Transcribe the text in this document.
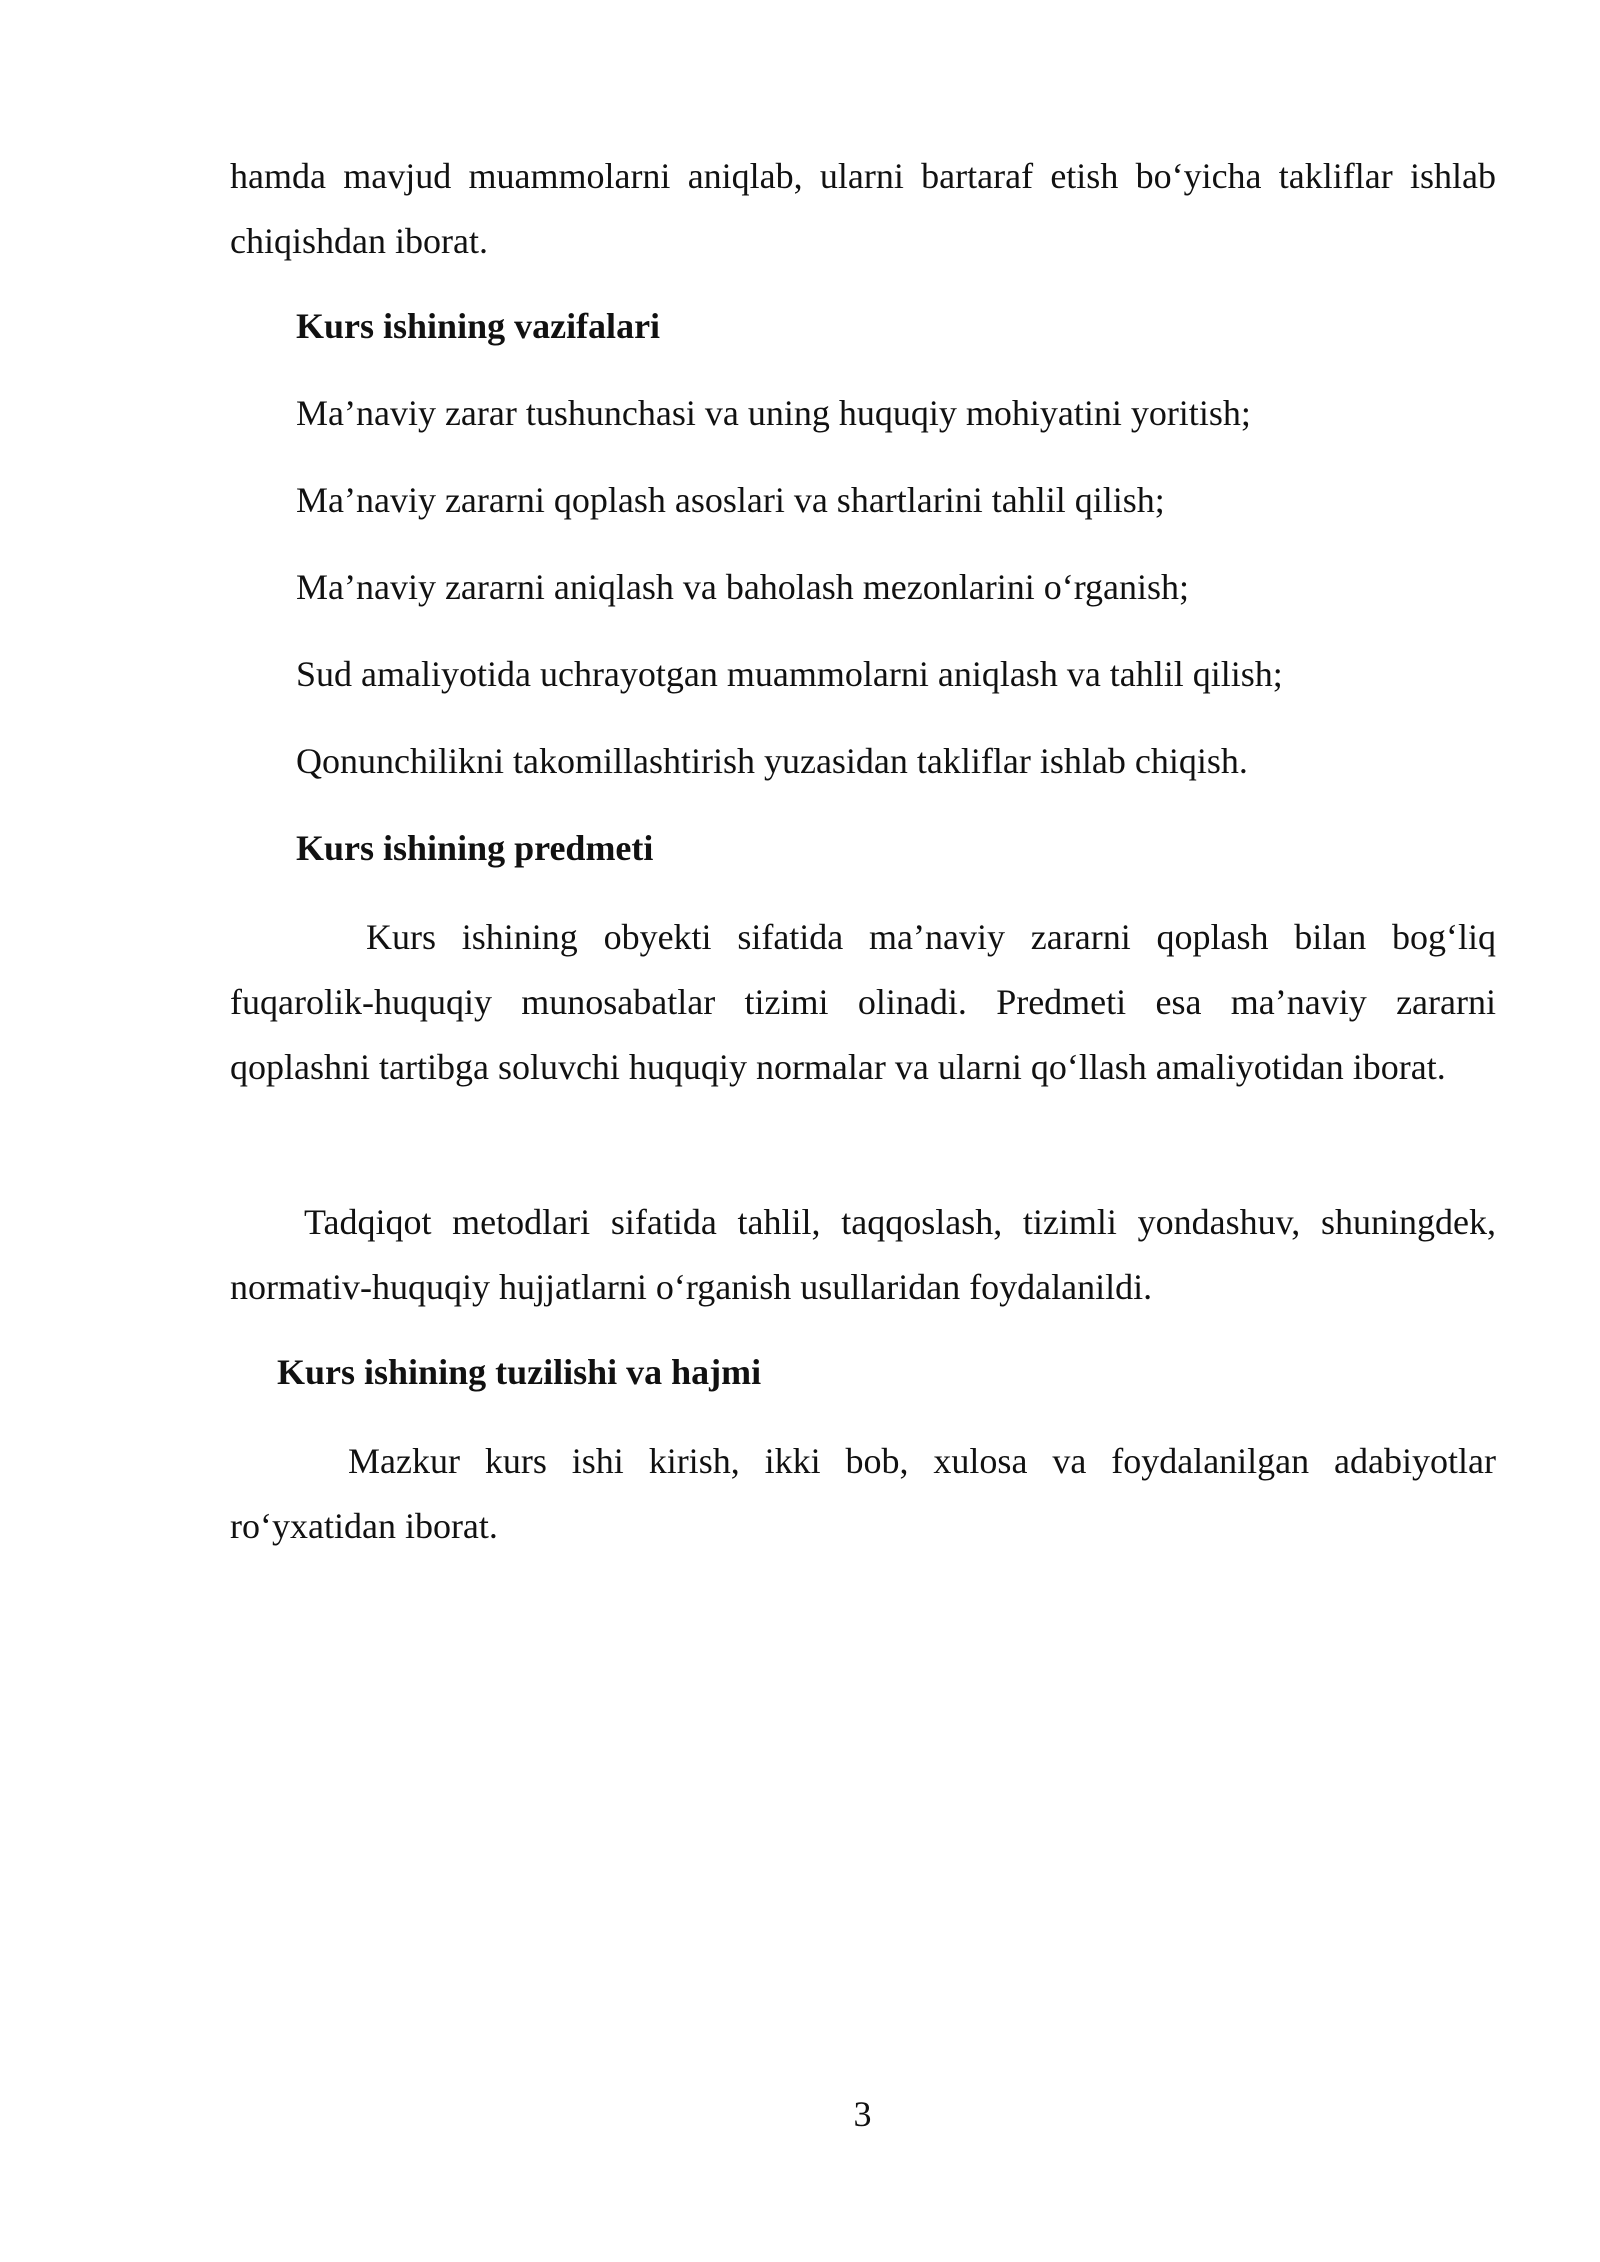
hamda mavjud muammolarni aniqlab, ularni bartaraf etish bo‘yicha takliflar ishlab chiqishdan iborat.

Kurs ishining vazifalari

Ma’naviy zarar tushunchasi va uning huquqiy mohiyatini yoritish;

Ma’naviy zararni qoplash asoslari va shartlarini tahlil qilish;

Ma’naviy zararni aniqlash va baholash mezonlarini o‘rganish;

Sud amaliyotida uchrayotgan muammolarni aniqlash va tahlil qilish;

Qonunchilikni takomillashtirish yuzasidan takliflar ishlab chiqish.

Kurs ishining predmeti

Kurs ishining obyekti sifatida ma’naviy zararni qoplash bilan bog‘liq fuqarolik-huquqiy munosabatlar tizimi olinadi. Predmeti esa ma’naviy zararni qoplashni tartibga soluvchi huquqiy normalar va ularni qo‘llash amaliyotidan iborat.

Tadqiqot metodlari sifatida tahlil, taqqoslash, tizimli yondashuv, shuningdek, normativ-huquqiy hujjatlarni o‘rganish usullaridan foydalanildi.

Kurs ishining tuzilishi va hajmi

Mazkur kurs ishi kirish, ikki bob, xulosa va foydalanilgan adabiyotlar ro‘yxatidan iborat.

3
